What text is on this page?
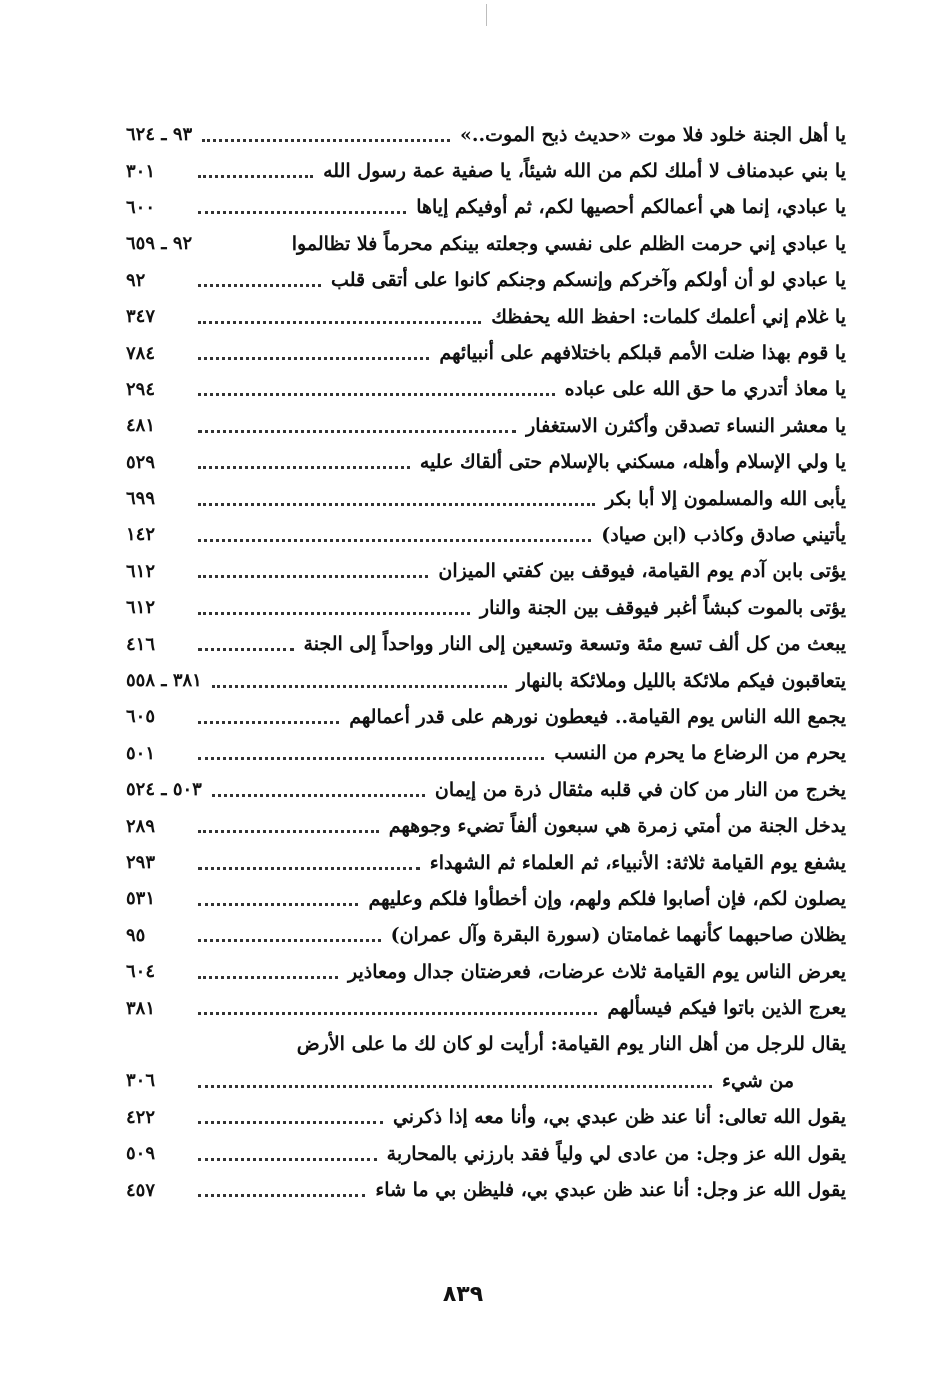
يا أهل الجنة خلود فلا موت «حديث ذبح الموت..»
٩٣ ـ ٦٢٤
يا بني عبدمناف لا أملك لكم من الله شيئاً، يا صفية عمة رسول الله
٣٠١
يا عبادي، إنما هي أعمالكم أحصيها لكم، ثم أوفيكم إياها
٦٠٠
يا عبادي إني حرمت الظلم على نفسي وجعلته بينكم محرماً فلا تظالموا
٩٢ ـ ٦٥٩
يا عبادي لو أن أولكم وآخركم وإنسكم وجنكم كانوا على أتقى قلب
٩٢
يا غلام إني أعلمك كلمات: احفظ الله يحفظك
٣٤٧
يا قوم بهذا ضلت الأمم قبلكم باختلافهم على أنبيائهم
٧٨٤
يا معاذ أتدري ما حق الله على عباده
٢٩٤
يا معشر النساء تصدقن وأكثرن الاستغفار
٤٨١
يا ولي الإسلام وأهله، مسكني بالإسلام حتى ألقاك عليه
٥٢٩
يأبى الله والمسلمون إلا أبا بكر
٦٩٩
يأتيني صادق وكاذب (ابن صياد)
١٤٢
يؤتى بابن آدم يوم القيامة، فيوقف بين كفتي الميزان
٦١٢
يؤتى بالموت كبشاً أغبر فيوقف بين الجنة والنار
٦١٢
يبعث من كل ألف تسع مئة وتسعة وتسعين إلى النار وواحداً إلى الجنة
٤١٦
يتعاقبون فيكم ملائكة بالليل وملائكة بالنهار
٣٨١ ـ ٥٥٨
يجمع الله الناس يوم القيامة.. فيعطون نورهم على قدر أعمالهم
٦٠٥
يحرم من الرضاع ما يحرم من النسب
٥٠١
يخرج من النار من كان في قلبه مثقال ذرة من إيمان
٥٠٣ ـ ٥٢٤
يدخل الجنة من أمتي زمرة هي سبعون ألفاً تضيء وجوههم
٢٨٩
يشفع يوم القيامة ثلاثة: الأنبياء، ثم العلماء ثم الشهداء
٢٩٣
يصلون لكم، فإن أصابوا فلكم ولهم، وإن أخطأوا فلكم وعليهم
٥٣١
يظلان صاحبهما كأنهما غمامتان (سورة البقرة وآل عمران)
٩٥
يعرض الناس يوم القيامة ثلاث عرضات، فعرضتان جدال ومعاذير
٦٠٤
يعرج الذين باتوا فيكم فيسألهم
٣٨١
يقال للرجل من أهل النار يوم القيامة: أرأيت لو كان لك ما على الأرض
من شيء
٣٠٦
يقول الله تعالى: أنا عند ظن عبدي بي، وأنا معه إذا ذكرني
٤٢٢
يقول الله عز وجل: من عادى لي ولياً فقد بارزني بالمحاربة
٥٠٩
يقول الله عز وجل: أنا عند ظن عبدي بي، فليظن بي ما شاء
٤٥٧
٨٣٩
